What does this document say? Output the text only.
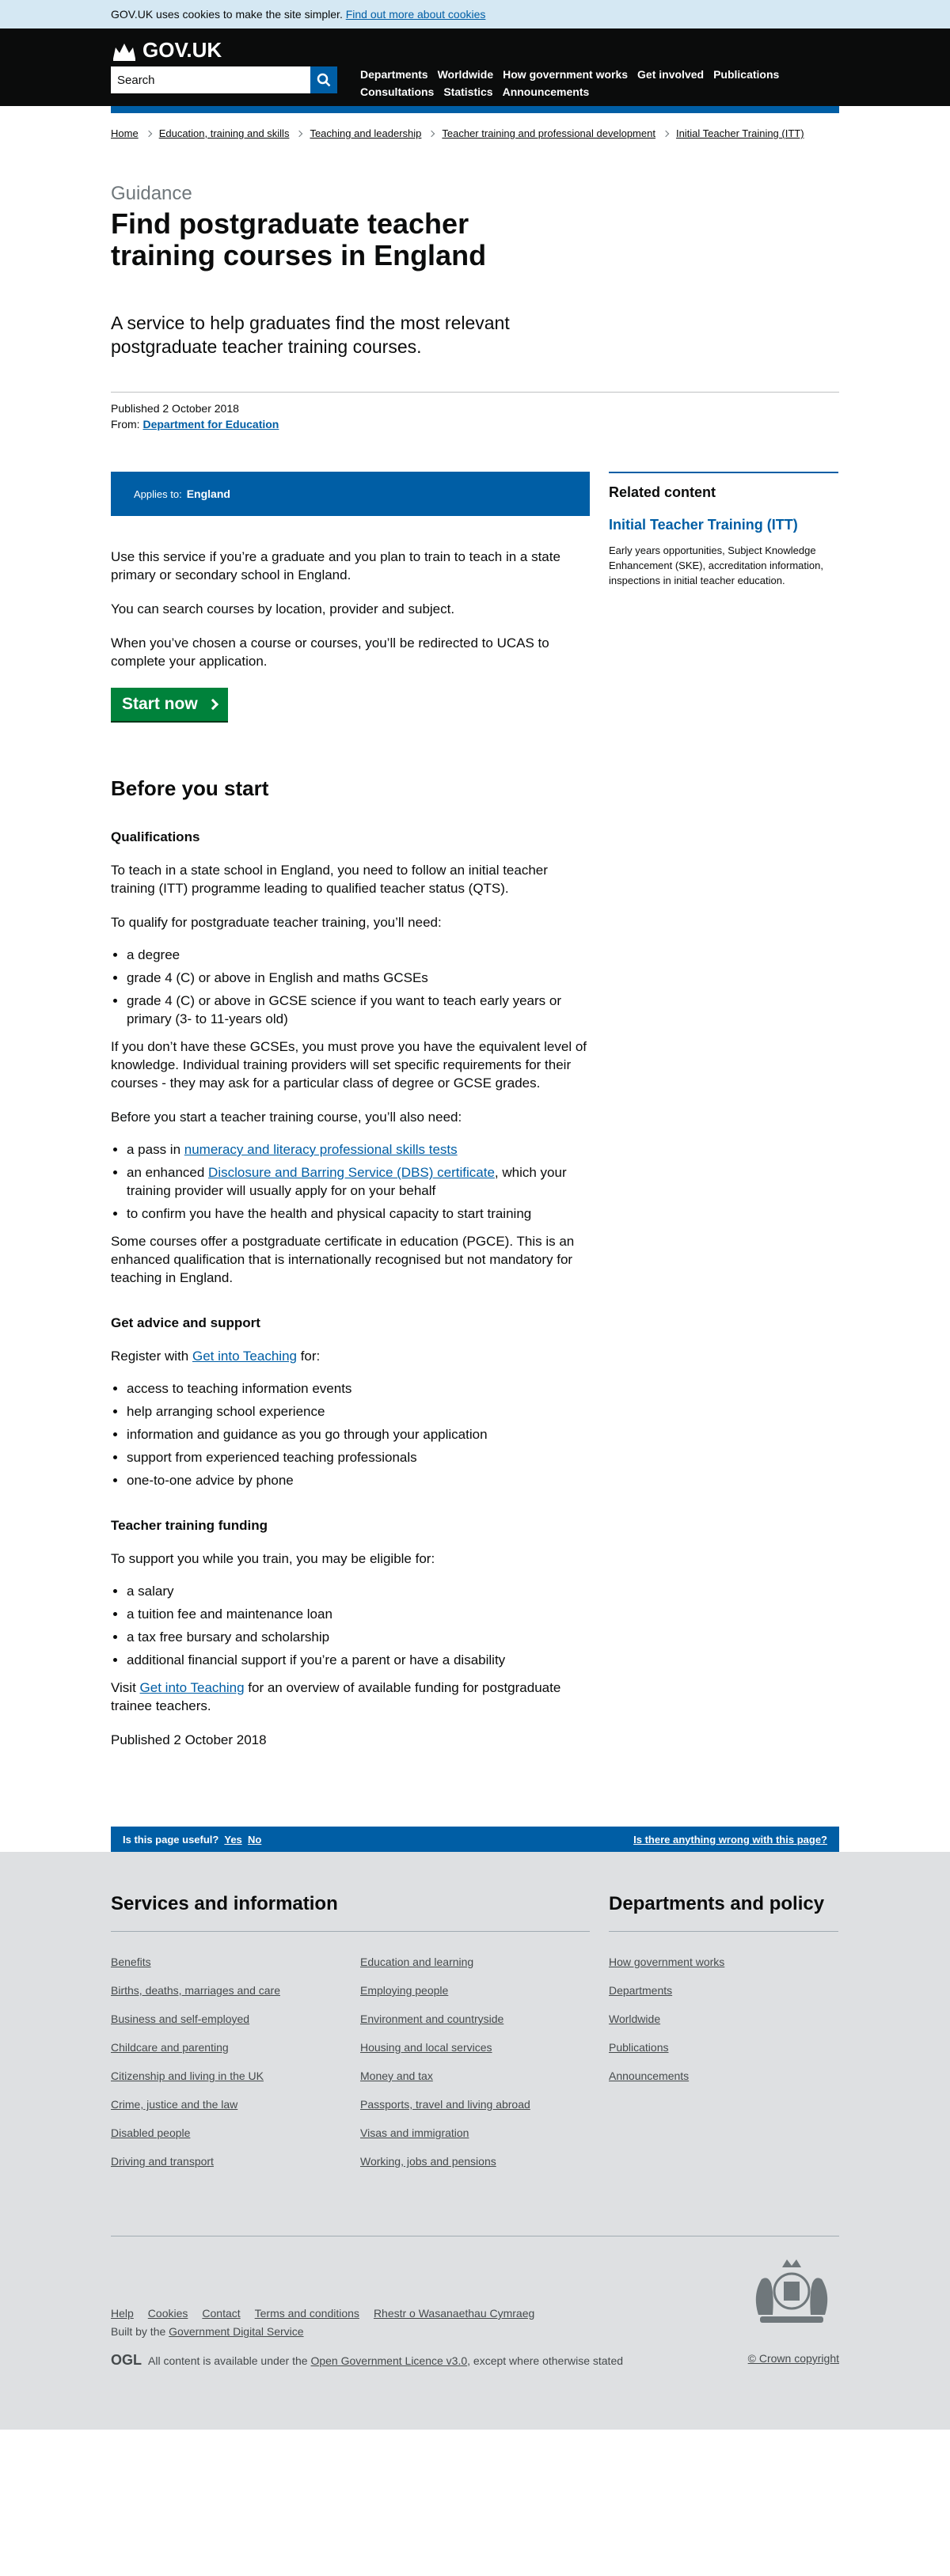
GOV.UK uses cookies to make the site simpler. Find out more about cookies
GOV.UK
Search
Departments Worldwide How government works Get involved Publications
Consultations Statistics Announcements
Home Education, training and skills Teaching and leadership Teacher training and professional development Initial Teacher Training (ITT)
Guidance
Find postgraduate teacher training courses in England

A service to help graduates find the most relevant postgraduate teacher training courses.

Published 2 October 2018
From: Department for Education
Applies to: England

Use this service if you’re a graduate and you plan to train to teach in a state primary or secondary school in England.

You can search courses by location, provider and subject.

When you’ve chosen a course or courses, you’ll be redirected to UCAS to complete your application.

Start now
Before you start
Qualifications

To teach in a state school in England, you need to follow an initial teacher training (ITT) programme leading to qualified teacher status (QTS).

To qualify for postgraduate teacher training, you’ll need:

• a degree
• grade 4 (C) or above in English and maths GCSEs
• grade 4 (C) or above in GCSE science if you want to teach early years or primary (3- to 11-years old)

If you don’t have these GCSEs, you must prove you have the equivalent level of knowledge. Individual training providers will set specific requirements for their courses - they may ask for a particular class of degree or GCSE grades.

Before you start a teacher training course, you’ll also need:

• a pass in numeracy and literacy professional skills tests
• an enhanced Disclosure and Barring Service (DBS) certificate, which your training provider will usually apply for on your behalf
• to confirm you have the health and physical capacity to start training

Some courses offer a postgraduate certificate in education (PGCE). This is an enhanced qualification that is internationally recognised but not mandatory for teaching in England.

Get advice and support

Register with Get into Teaching for:

• access to teaching information events
• help arranging school experience
• information and guidance as you go through your application
• support from experienced teaching professionals
• one-to-one advice by phone
Teacher training funding

To support you while you train, you may be eligible for:

• a salary
• a tuition fee and maintenance loan
• a tax free bursary and scholarship
• additional financial support if you’re a parent or have a disability

Visit Get into Teaching for an overview of available funding for postgraduate trainee teachers.

Published 2 October 2018

Related content
Initial Teacher Training (ITT)

Early years opportunities, Subject Knowledge Enhancement (SKE), accreditation information, inspections in initial teacher education.

Is this page useful? Yes No	Is there anything wrong with this page?
Services and information
Benefits	Education and learning
Births, deaths, marriages and care	Employing people
Business and self-employed	Environment and countryside
Childcare and parenting	Housing and local services
Citizenship and living in the UK	Money and tax
Crime, justice and the law	Passports, travel and living abroad
Disabled people	Visas and immigration
Driving and transport	Working, jobs and pensions
Departments and policy
How government works
Departments
Worldwide
Publications
Announcements
Help Cookies Contact Terms and conditions Rhestr o Wasanaethau Cymraeg
Built by the Government Digital Service
OGL All content is available under the Open Government Licence v3.0, except where otherwise stated	© Crown copyright
